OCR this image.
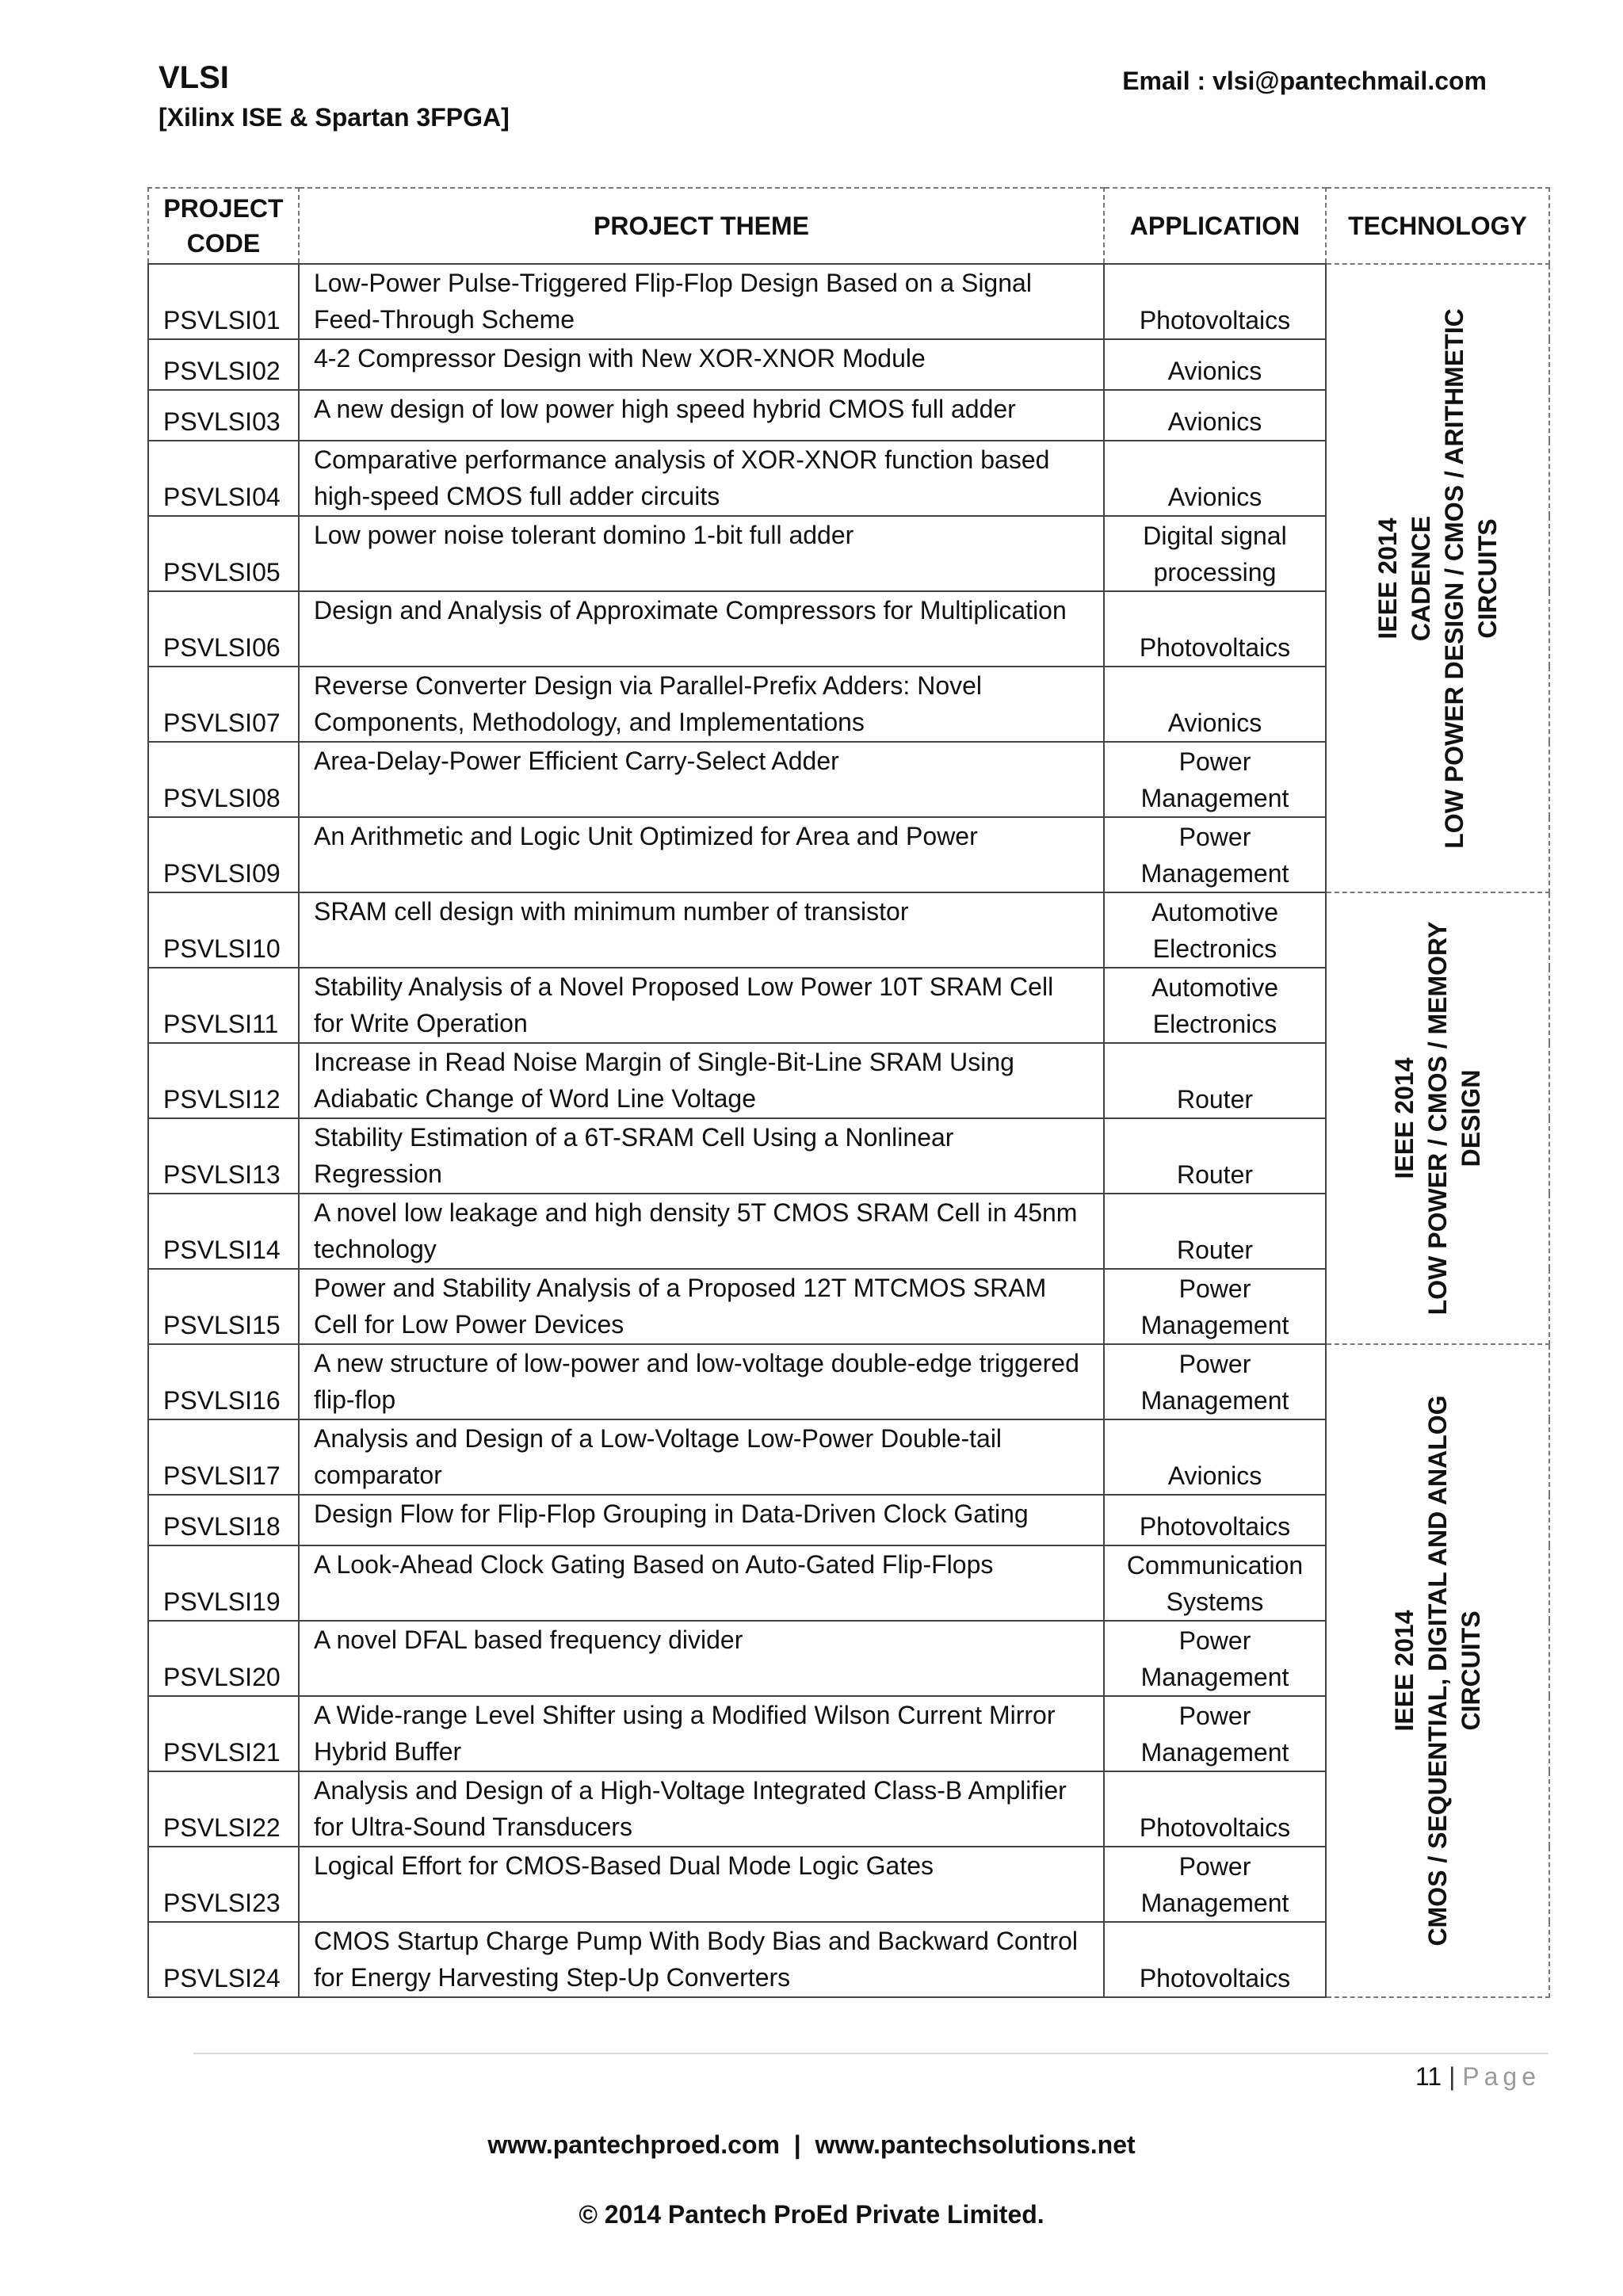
VLSI
[Xilinx ISE & Spartan 3FPGA]
Email : vlsi@pantechmail.com
PROJECT CODE	PROJECT THEME	APPLICATION	TECHNOLOGY
PSVLSI01	Low-Power Pulse-Triggered Flip-Flop Design Based on a Signal Feed-Through Scheme	Photovoltaics	IEEE 2014 CADENCE LOW POWER DESIGN / CMOS / ARITHMETIC CIRCUITS

PSVLSI02	4-2 Compressor Design with New XOR-XNOR Module	Avionics	
PSVLSI03	A new design of low power high speed hybrid CMOS full adder	Avionics	
PSVLSI04	Comparative performance analysis of XOR-XNOR function based high-speed CMOS full adder circuits	Avionics	
PSVLSI05	Low power noise tolerant domino 1-bit full adder	Digital signal processing	
PSVLSI06	Design and Analysis of Approximate Compressors for Multiplication	Photovoltaics	
PSVLSI07	Reverse Converter Design via Parallel-Prefix Adders: Novel Components, Methodology, and Implementations	Avionics	
PSVLSI08	Area-Delay-Power Efficient Carry-Select Adder	Power Management	
PSVLSI09	An Arithmetic and Logic Unit Optimized for Area and Power	Power Management	
PSVLSI10	SRAM cell design with minimum number of transistor	Automotive Electronics	IEEE 2014 LOW POWER / CMOS / MEMORY DESIGN

PSVLSI11	Stability Analysis of a Novel Proposed Low Power 10T SRAM Cell for Write Operation	Automotive Electronics	
PSVLSI12	Increase in Read Noise Margin of Single-Bit-Line SRAM Using Adiabatic Change of Word Line Voltage	Router	
PSVLSI13	Stability Estimation of a 6T-SRAM Cell Using a Nonlinear Regression	Router	
PSVLSI14	A novel low leakage and high density 5T CMOS SRAM Cell in 45nm technology	Router	
PSVLSI15	Power and Stability Analysis of a Proposed 12T MTCMOS SRAM Cell for Low Power Devices	Power Management	
PSVLSI16	A new structure of low-power and low-voltage double-edge triggered flip-flop	Power Management	IEEE 2014 CMOS / SEQUENTIAL, DIGITAL AND ANALOG CIRCUITS

PSVLSI17	Analysis and Design of a Low-Voltage Low-Power Double-tail comparator	Avionics	
PSVLSI18	Design Flow for Flip-Flop Grouping in Data-Driven Clock Gating	Photovoltaics	
PSVLSI19	A Look-Ahead Clock Gating Based on Auto-Gated Flip-Flops	Communication Systems	
PSVLSI20	A novel DFAL based frequency divider	Power Management	
PSVLSI21	A Wide-range Level Shifter using a Modified Wilson Current Mirror Hybrid Buffer	Power Management	
PSVLSI22	Analysis and Design of a High-Voltage Integrated Class-B Amplifier for Ultra-Sound Transducers	Photovoltaics	
PSVLSI23	Logical Effort for CMOS-Based Dual Mode Logic Gates	Power Management	
PSVLSI24	CMOS Startup Charge Pump With Body Bias and Backward Control for Energy Harvesting Step-Up Converters	Photovoltaics	
11 | Page
www.pantechproed.com  |  www.pantechsolutions.net
© 2014 Pantech ProEd Private Limited.
